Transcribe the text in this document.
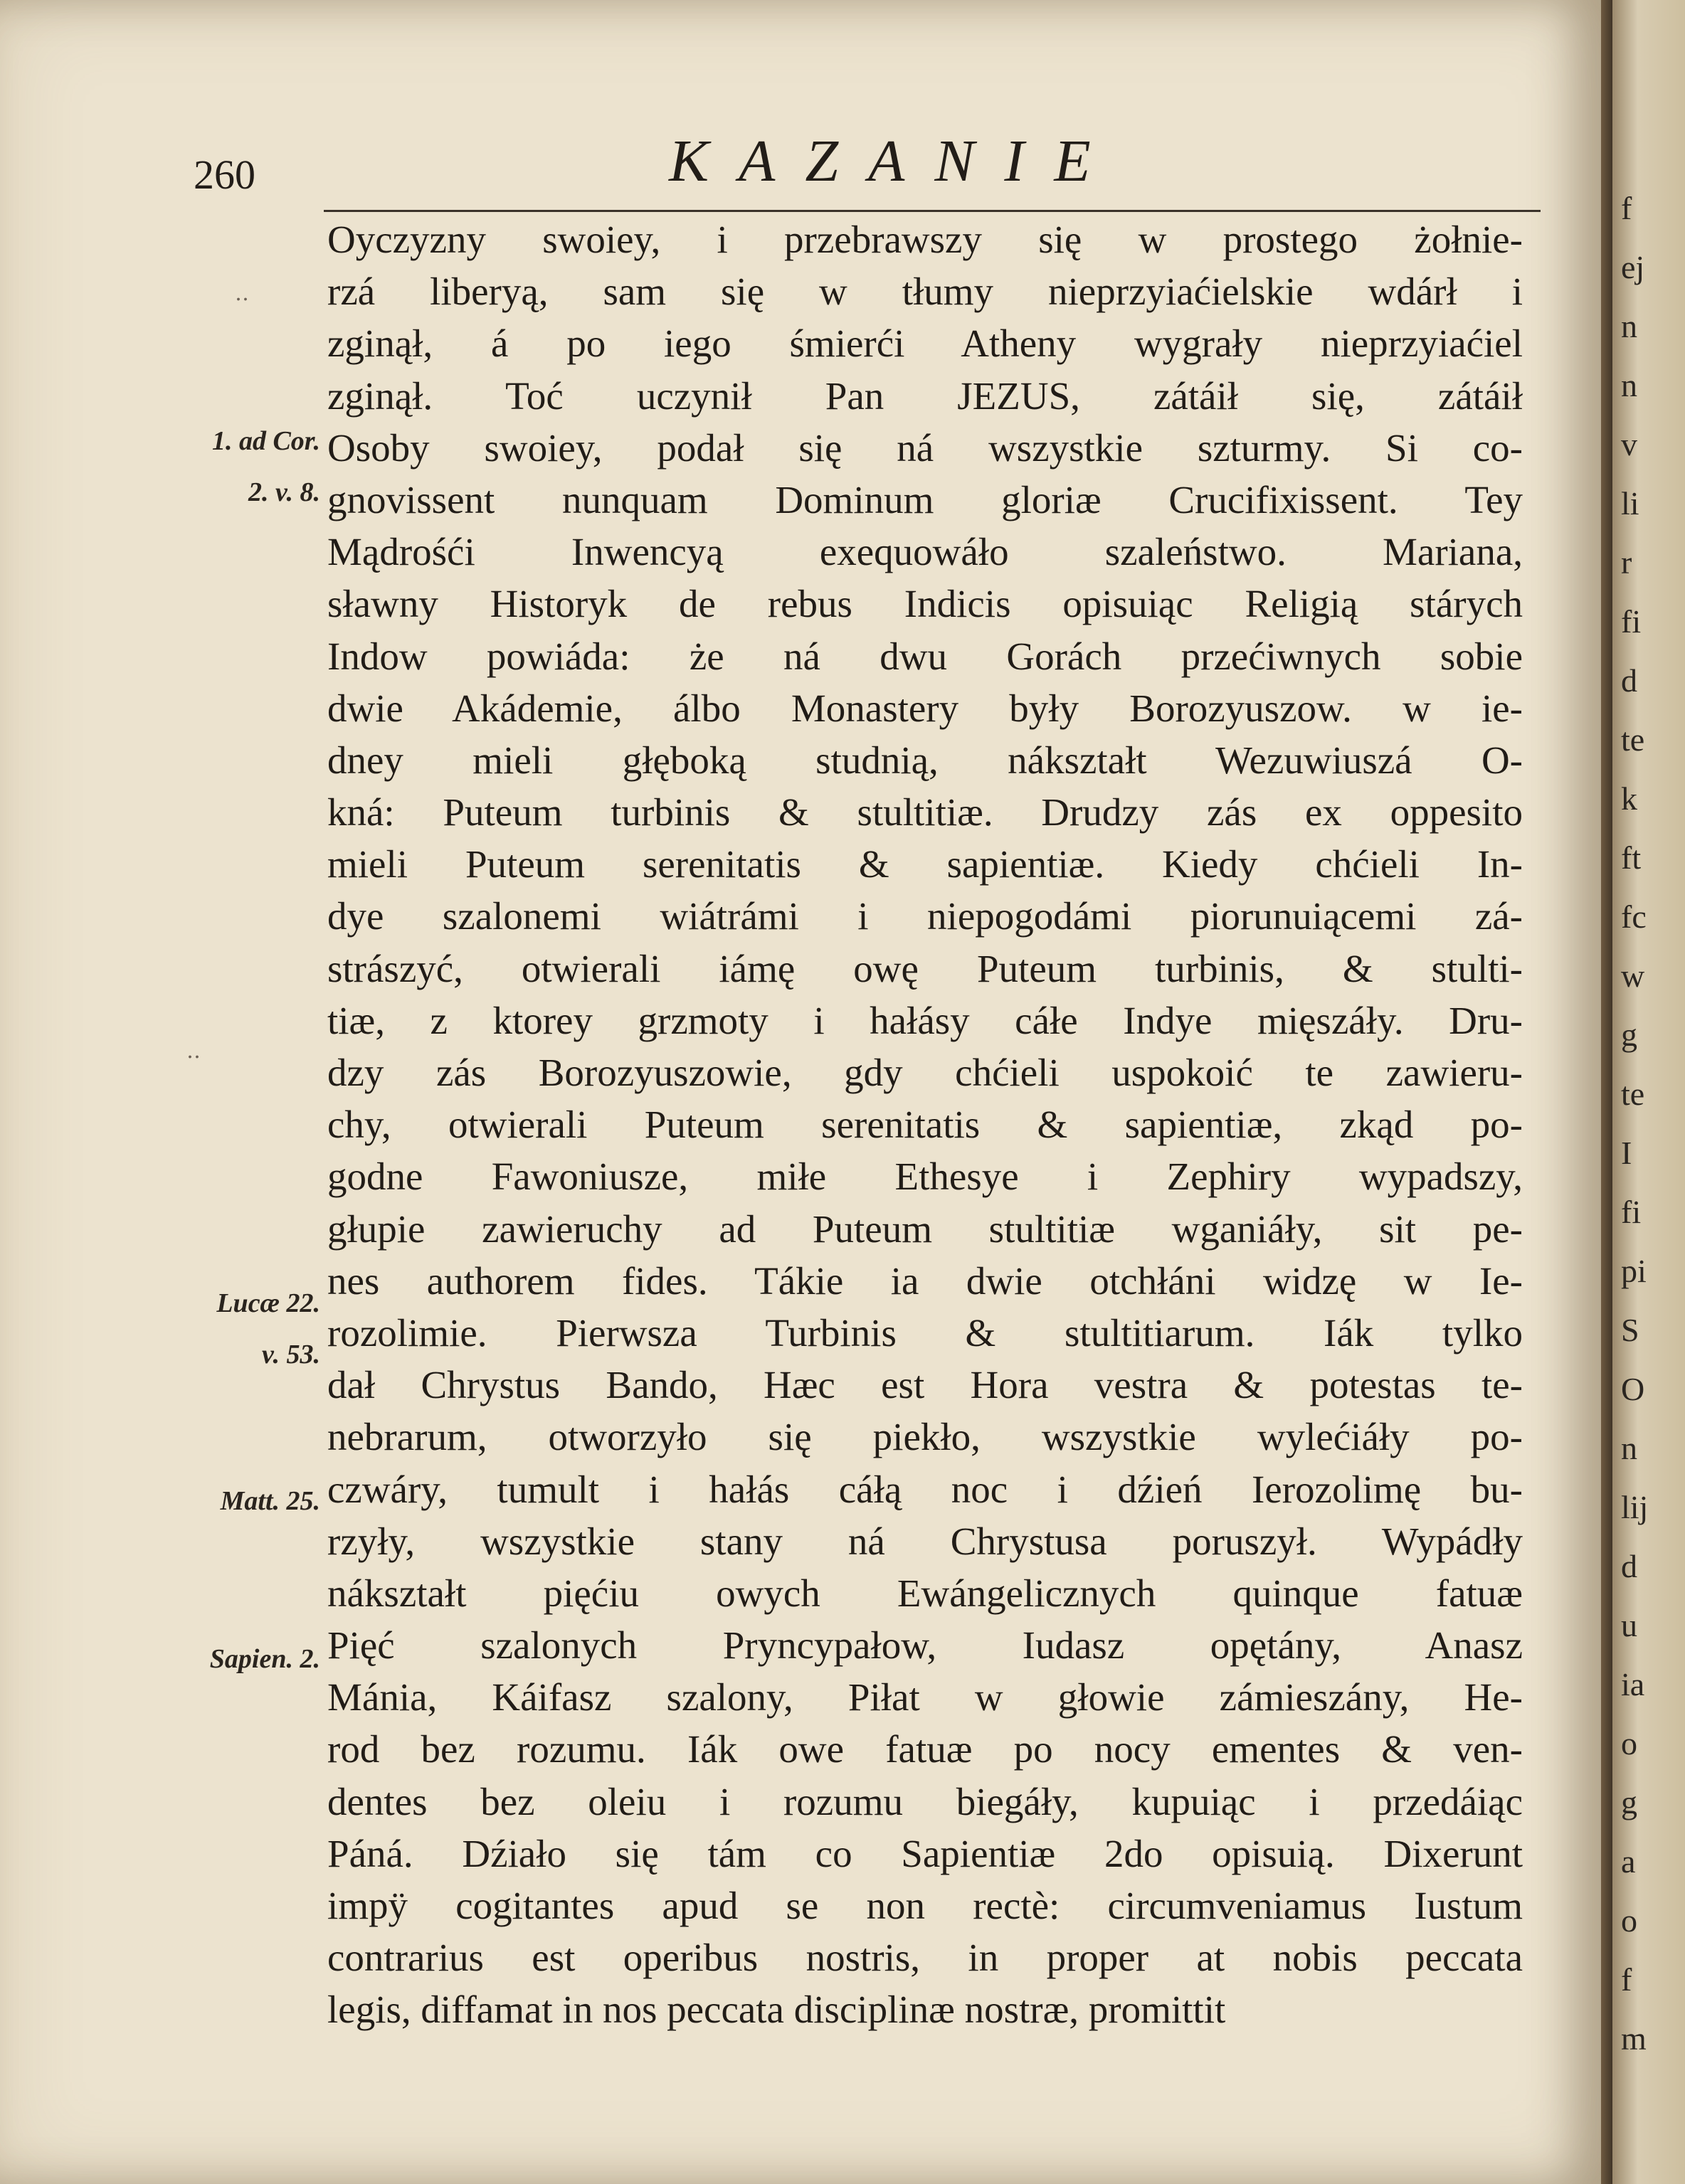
f
ej
n
n
v
li
r
fi
d
te
k
ft
fc
w
g
te
I
fi
pi
S
O
n
lij
d
u
ia
o
g
a
o
f
m
260	KAZANIE
1. ad Cor.
2. v. 8.
Lucæ 22.
v. 53.
Matt. 25.
Sapien. 2.
‥
‥
Oyczyzny swoiey, i przebrawszy się w prostego żołnie-
rzá liberyą, sam się w tłumy nieprzyiaćielskie wdárł i
zginął, á po iego śmierći Atheny wygrały nieprzyiaćiel
zginął. Toć uczynił Pan JEZUS, zátáił się, zátáił
Osoby swoiey, podał się ná wszystkie szturmy. Si co-
gnovissent nunquam Dominum gloriæ Crucifixissent. Tey
Mądrośći Inwencyą exequowáło szaleństwo. Mariana,
sławny Historyk de rebus Indicis opisuiąc Religią stárych
Indow powiáda: że ná dwu Gorách przećiwnych sobie
dwie Akádemie, álbo Monastery były Borozyuszow. w ie-
dney mieli głęboką studnią, nákształt Wezuwiuszá O-
kná: Puteum turbinis & stultitiæ. Drudzy zás ex oppesito
mieli Puteum serenitatis & sapientiæ. Kiedy chćieli In-
dye szalonemi wiátrámi i niepogodámi piorunuiącemi zá-
strászyć, otwierali iámę owę Puteum turbinis, & stulti-
tiæ, z ktorey grzmoty i hałásy cáłe Indye mięszáły. Dru-
dzy zás Borozyuszowie, gdy chćieli uspokoić te zawieru-
chy, otwierali Puteum serenitatis & sapientiæ, zkąd po-
godne Fawoniusze, miłe Ethesye i Zephiry wypadszy,
głupie zawieruchy ad Puteum stultitiæ wganiáły, sit pe-
nes authorem fides. Tákie ia dwie otchłáni widzę w Ie-
rozolimie. Pierwsza Turbinis & stultitiarum. Iák tylko
dał Chrystus Bando, Hæc est Hora vestra & potestas te-
nebrarum, otworzyło się piekło, wszystkie wylećiáły po-
czwáry, tumult i hałás cáłą noc i dźień Ierozolimę bu-
rzyły, wszystkie stany ná Chrystusa poruszył. Wypádły
nákształt pięćiu owych Ewángelicznych quinque fatuæ
Pięć szalonych Pryncypałow, Iudasz opętány, Anasz
Mánia, Káifasz szalony, Piłat w głowie zámieszány, He-
rod bez rozumu. Iák owe fatuæ po nocy ementes & ven-
dentes bez oleiu i rozumu biegáły, kupuiąc i przedáiąc
Páná. Dźiało się tám co Sapientiæ 2do opisuią. Dixerunt
impÿ cogitantes apud se non rectè: circumveniamus Iustum
contrarius est operibus nostris, in proper at nobis peccata
legis, diffamat in nos peccata disciplinæ nostræ, promittit
